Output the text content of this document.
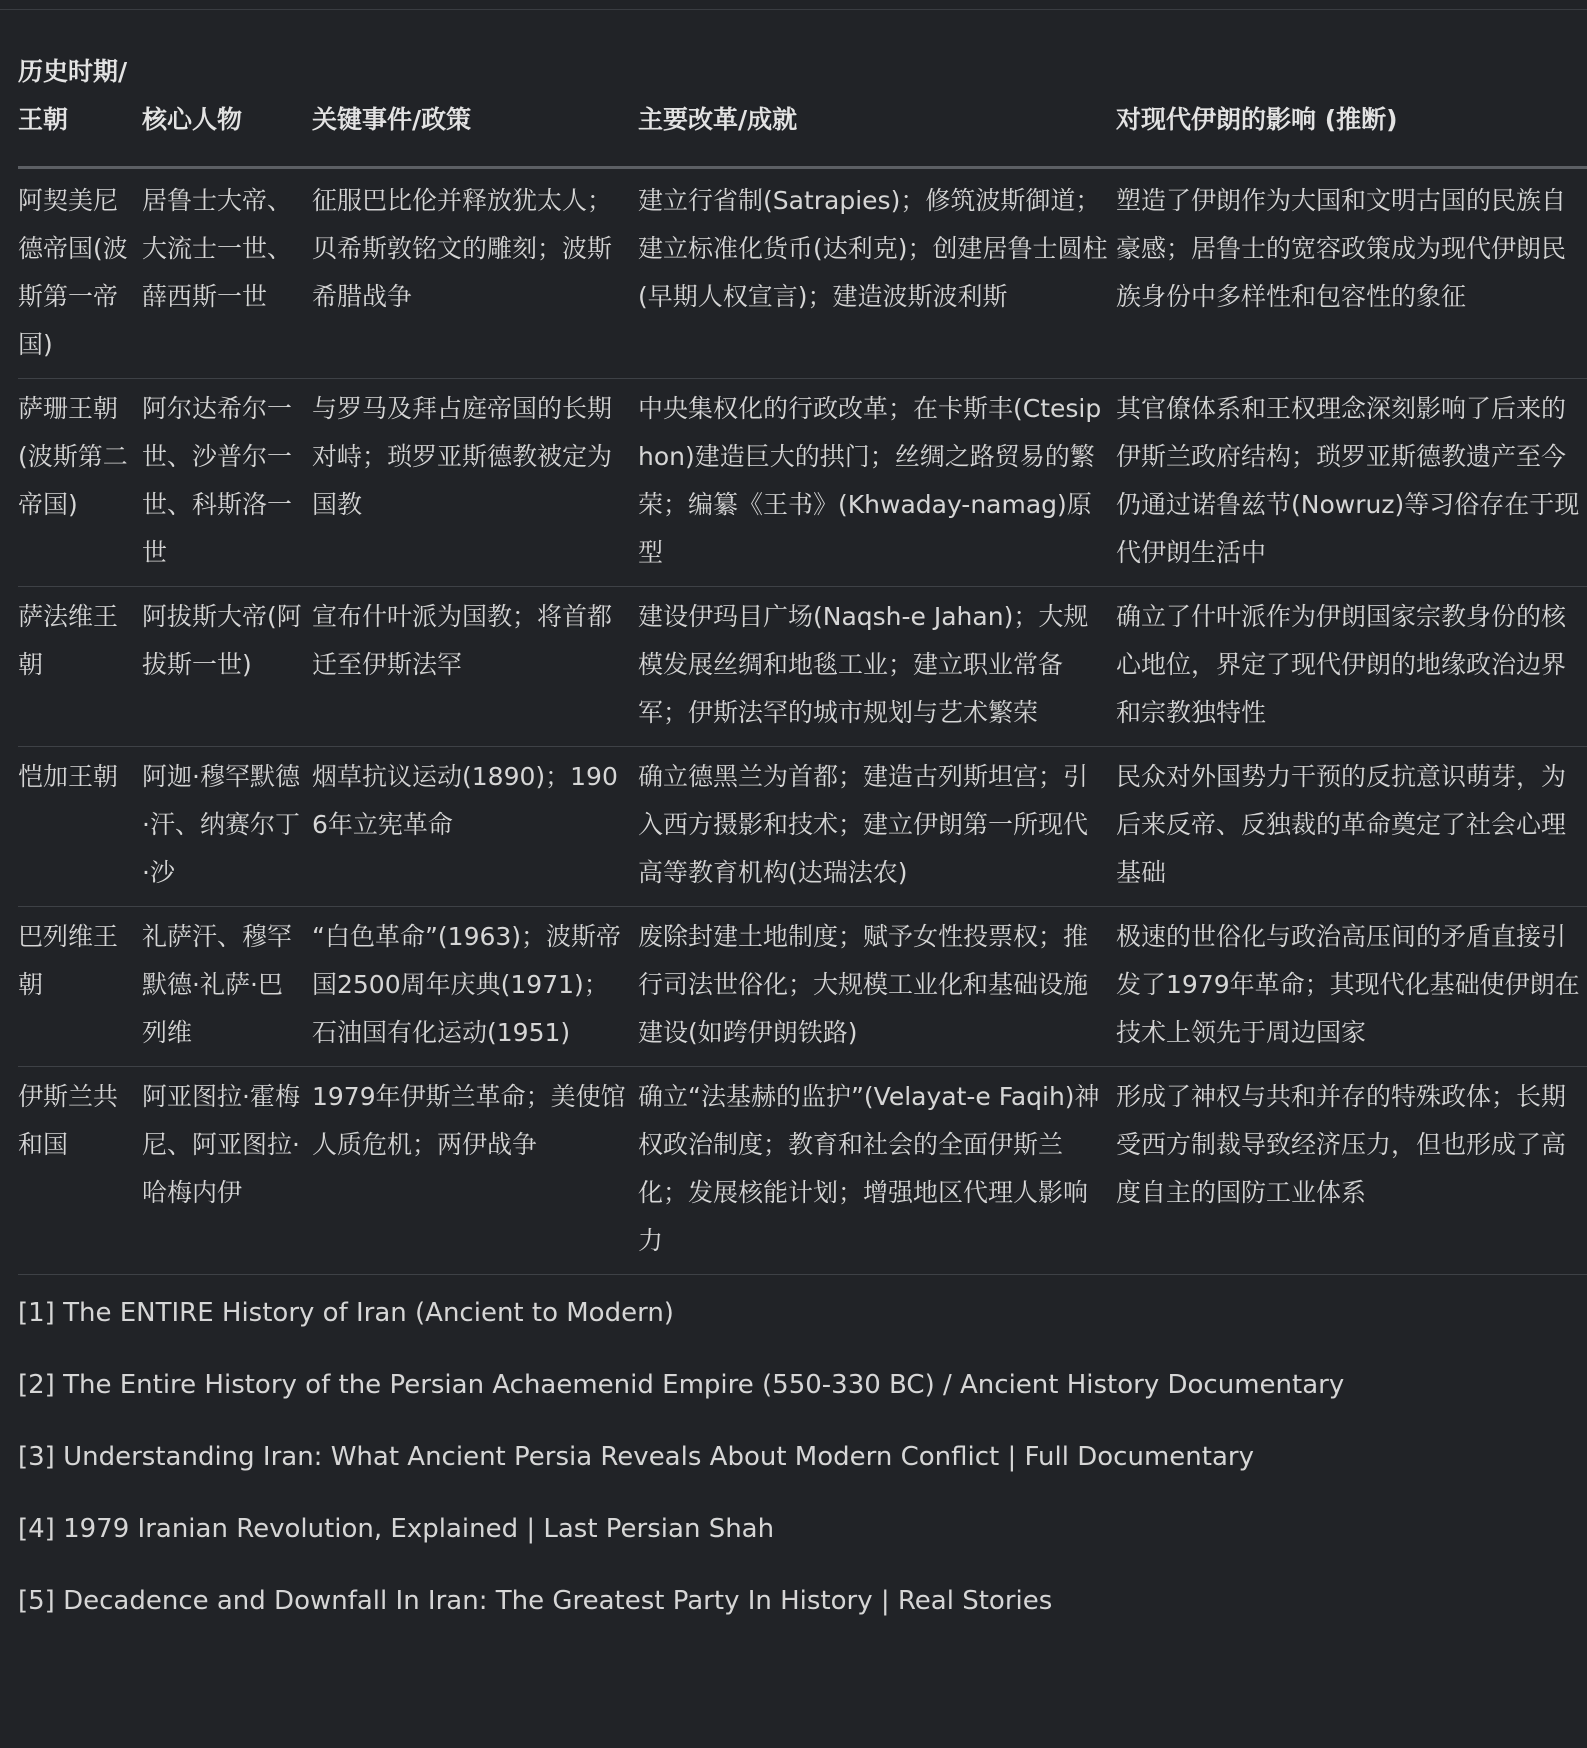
历史时期/王朝	核心人物	关键事件/政策	主要改革/成就	对现代伊朗的影响 (推断)
阿契美尼德帝国(波斯第一帝国)	居鲁士大帝、大流士一世、薛西斯一世	征服巴比伦并释放犹太人；贝希斯敦铭文的雕刻；波斯希腊战争	建立行省制(Satrapies)；修筑波斯御道；建立标准化货币(达利克)；创建居鲁士圆柱(早期人权宣言)；建造波斯波利斯	塑造了伊朗作为大国和文明古国的民族自豪感；居鲁士的宽容政策成为现代伊朗民族身份中多样性和包容性的象征
萨珊王朝(波斯第二帝国)	阿尔达希尔一世、沙普尔一世、科斯洛一世	与罗马及拜占庭帝国的长期对峙；琐罗亚斯德教被定为国教	中央集权化的行政改革；在卡斯丰(Ctesiphon)建造巨大的拱门；丝绸之路贸易的繁荣；编纂《王书》(Khwaday-namag)原型	其官僚体系和王权理念深刻影响了后来的伊斯兰政府结构；琐罗亚斯德教遗产至今仍通过诺鲁兹节(Nowruz)等习俗存在于现代伊朗生活中
萨法维王朝	阿拔斯大帝(阿拔斯一世)	宣布什叶派为国教；将首都迁至伊斯法罕	建设伊玛目广场(Naqsh-e Jahan)；大规模发展丝绸和地毯工业；建立职业常备军；伊斯法罕的城市规划与艺术繁荣	确立了什叶派作为伊朗国家宗教身份的核心地位，界定了现代伊朗的地缘政治边界和宗教独特性
恺加王朝	阿迦·穆罕默德·汗、纳赛尔丁·沙	烟草抗议运动(1890)；1906年立宪革命	确立德黑兰为首都；建造古列斯坦宫；引入西方摄影和技术；建立伊朗第一所现代高等教育机构(达瑞法农)	民众对外国势力干预的反抗意识萌芽，为后来反帝、反独裁的革命奠定了社会心理基础
巴列维王朝	礼萨汗、穆罕默德·礼萨·巴列维	“白色革命”(1963)；波斯帝国2500周年庆典(1971)；石油国有化运动(1951)	废除封建土地制度；赋予女性投票权；推行司法世俗化；大规模工业化和基础设施建设(如跨伊朗铁路)	极速的世俗化与政治高压间的矛盾直接引发了1979年革命；其现代化基础使伊朗在技术上领先于周边国家
伊斯兰共和国	阿亚图拉·霍梅尼、阿亚图拉·哈梅内伊	1979年伊斯兰革命；美使馆人质危机；两伊战争	确立“法基赫的监护”(Velayat-e Faqih)神权政治制度；教育和社会的全面伊斯兰化；发展核能计划；增强地区代理人影响力	形成了神权与共和并存的特殊政体；长期受西方制裁导致经济压力，但也形成了高度自主的国防工业体系
[1] The ENTIRE History of Iran (Ancient to Modern)
[2] The Entire History of the Persian Achaemenid Empire (550-330 BC) / Ancient History Documentary
[3] Understanding Iran: What Ancient Persia Reveals About Modern Conflict | Full Documentary
[4] 1979 Iranian Revolution, Explained | Last Persian Shah
[5] Decadence and Downfall In Iran: The Greatest Party In History | Real Stories
